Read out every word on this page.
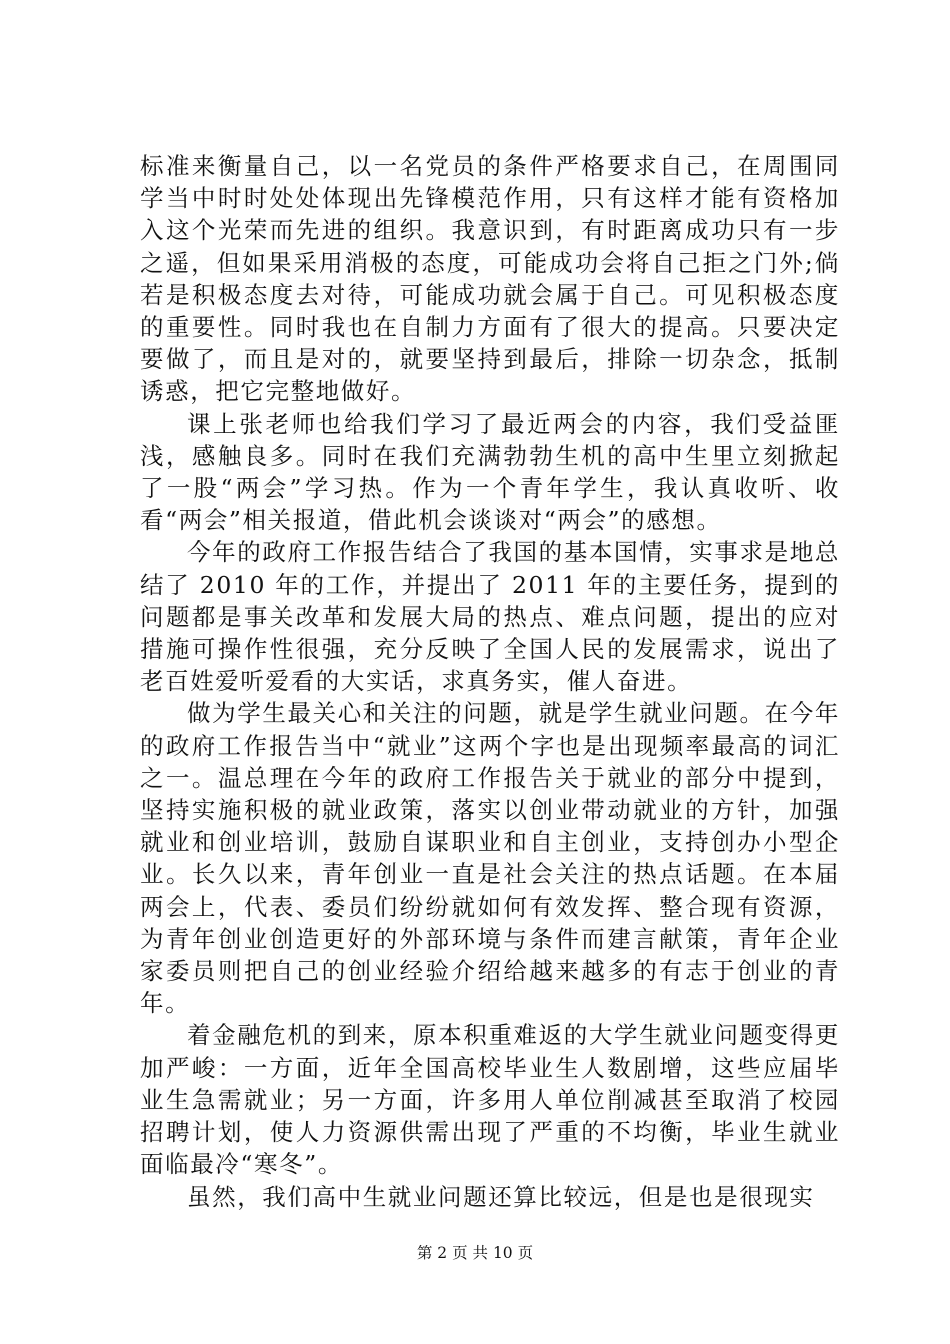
标准来衡量自己，以一名党员的条件严格要求自己，在周围同学当中时时处处体现出先锋模范作用，只有这样才能有资格加入这个光荣而先进的组织。我意识到，有时距离成功只有一步之遥，但如果采用消极的态度，可能成功会将自己拒之门外;倘若是积极态度去对待，可能成功就会属于自己。可见积极态度的重要性。同时我也在自制力方面有了很大的提高。只要决定要做了，而且是对的，就要坚持到最后，排除一切杂念，抵制诱惑，把它完整地做好。

课上张老师也给我们学习了最近两会的内容，我们受益匪浅，感触良多。同时在我们充满勃勃生机的高中生里立刻掀起了一股“两会”学习热。作为一个青年学生，我认真收听、收看“两会”相关报道，借此机会谈谈对“两会”的感想。

今年的政府工作报告结合了我国的基本国情，实事求是地总结了 2010 年的工作，并提出了 2011 年的主要任务，提到的问题都是事关改革和发展大局的热点、难点问题，提出的应对措施可操作性很强，充分反映了全国人民的发展需求，说出了老百姓爱听爱看的大实话，求真务实，催人奋进。

做为学生最关心和关注的问题，就是学生就业问题。在今年的政府工作报告当中“就业”这两个字也是出现频率最高的词汇之一。温总理在今年的政府工作报告关于就业的部分中提到，坚持实施积极的就业政策，落实以创业带动就业的方针，加强就业和创业培训，鼓励自谋职业和自主创业，支持创办小型企业。长久以来，青年创业一直是社会关注的热点话题。在本届两会上，代表、委员们纷纷就如何有效发挥、整合现有资源，为青年创业创造更好的外部环境与条件而建言献策，青年企业家委员则把自己的创业经验介绍给越来越多的有志于创业的青年。

着金融危机的到来，原本积重难返的大学生就业问题变得更加严峻：一方面，近年全国高校毕业生人数剧增，这些应届毕业生急需就业；另一方面，许多用人单位削减甚至取消了校园招聘计划，使人力资源供需出现了严重的不均衡，毕业生就业面临最冷“寒冬”。

虽然，我们高中生就业问题还算比较远，但是也是很现实

第 2 页 共 10 页
